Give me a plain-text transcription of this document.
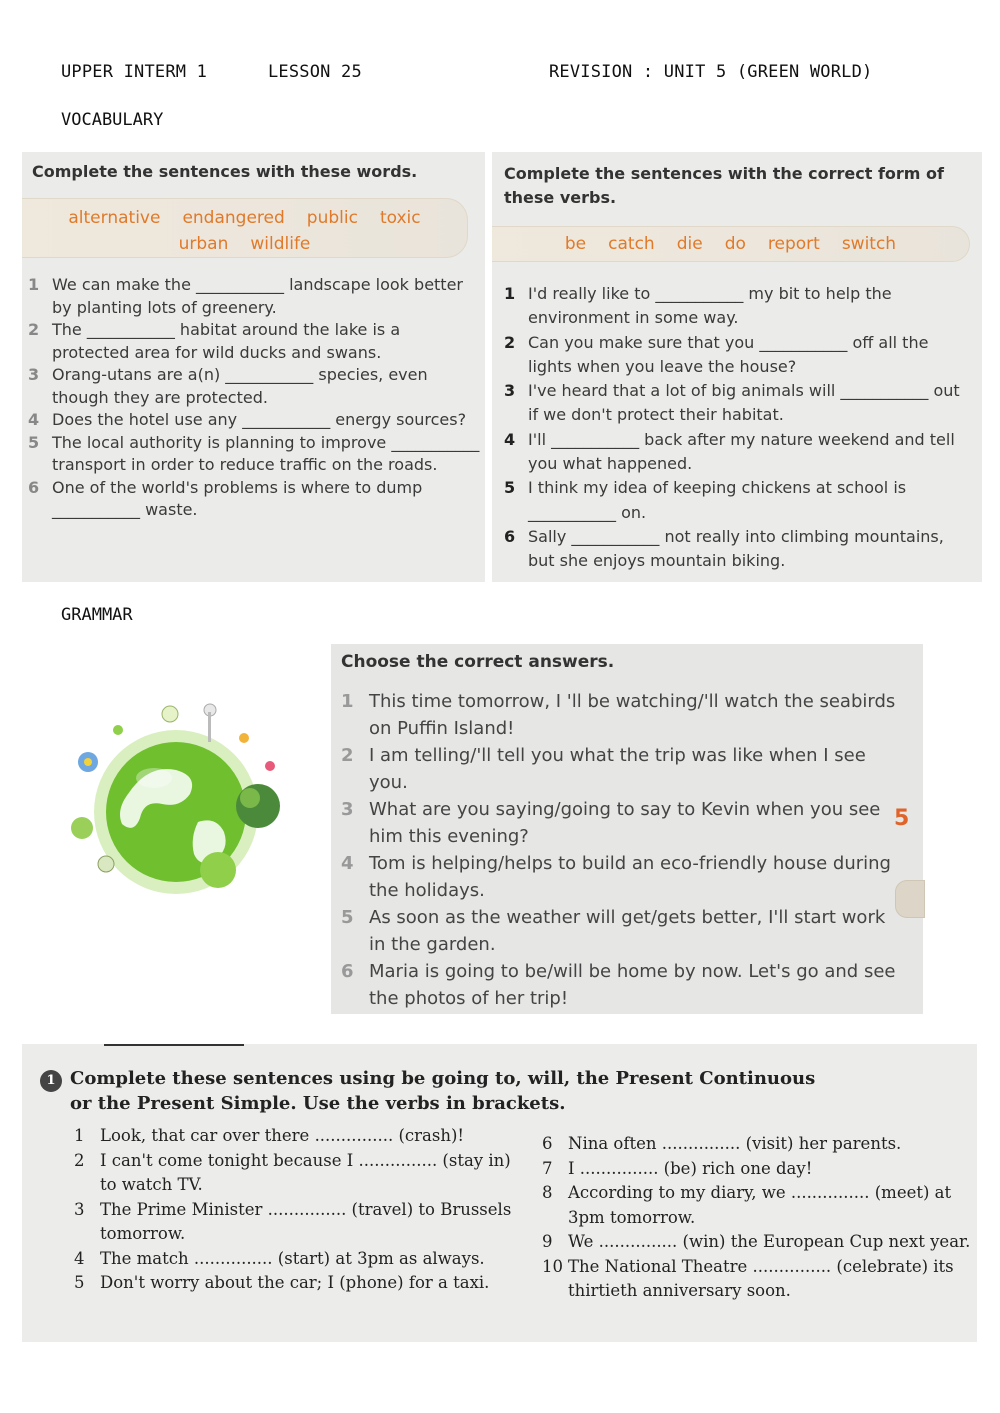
UPPER INTERM 1	LESSON 25	REVISION : UNIT 5 (GREEN WORLD)
VOCABULARY
Complete the sentences with these words.
alternative endangered public toxic
urban wildlife
1 We can make the ___________ landscape look better by planting lots of greenery.
2 The ___________ habitat around the lake is a protected area for wild ducks and swans.
3 Orang-utans are a(n) ___________ species, even though they are protected.
4 Does the hotel use any ___________ energy sources?
5 The local authority is planning to improve ___________ transport in order to reduce traffic on the roads.
6 One of the world's problems is where to dump ___________ waste.
Complete the sentences with the correct form of these verbs.
be catch die do report switch
1 I'd really like to ___________ my bit to help the environment in some way.
2 Can you make sure that you ___________ off all the lights when you leave the house?
3 I've heard that a lot of big animals will ___________ out if we don't protect their habitat.
4 I'll ___________ back after my nature weekend and tell you what happened.
5 I think my idea of keeping chickens at school is ___________ on.
6 Sally ___________ not really into climbing mountains, but she enjoys mountain biking.
GRAMMAR
Choose the correct answers.
1 This time tomorrow, I 'll be watching/'ll watch the seabirds on Puffin Island!
2 I am telling/'ll tell you what the trip was like when I see you.
3 What are you saying/going to say to Kevin when you see him this evening?
4 Tom is helping/helps to build an eco-friendly house during the holidays.
5 As soon as the weather will get/gets better, I'll start work in the garden.
6 Maria is going to be/will be home by now. Let's go and see the photos of her trip!
5
1 Complete these sentences using be going to, will, the Present Continuous or the Present Simple. Use the verbs in brackets.
1 Look, that car over there ............... (crash)!
2 I can't come tonight because I ............... (stay in) to watch TV.
3 The Prime Minister ............... (travel) to Brussels tomorrow.
4 The match ............... (start) at 3pm as always.
5 Don't worry about the car; I (phone) for a taxi.
6 Nina often ............... (visit) her parents.
7 I ............... (be) rich one day!
8 According to my diary, we ............... (meet) at 3pm tomorrow.
9 We ............... (win) the European Cup next year.
10 The National Theatre ............... (celebrate) its thirtieth anniversary soon.
